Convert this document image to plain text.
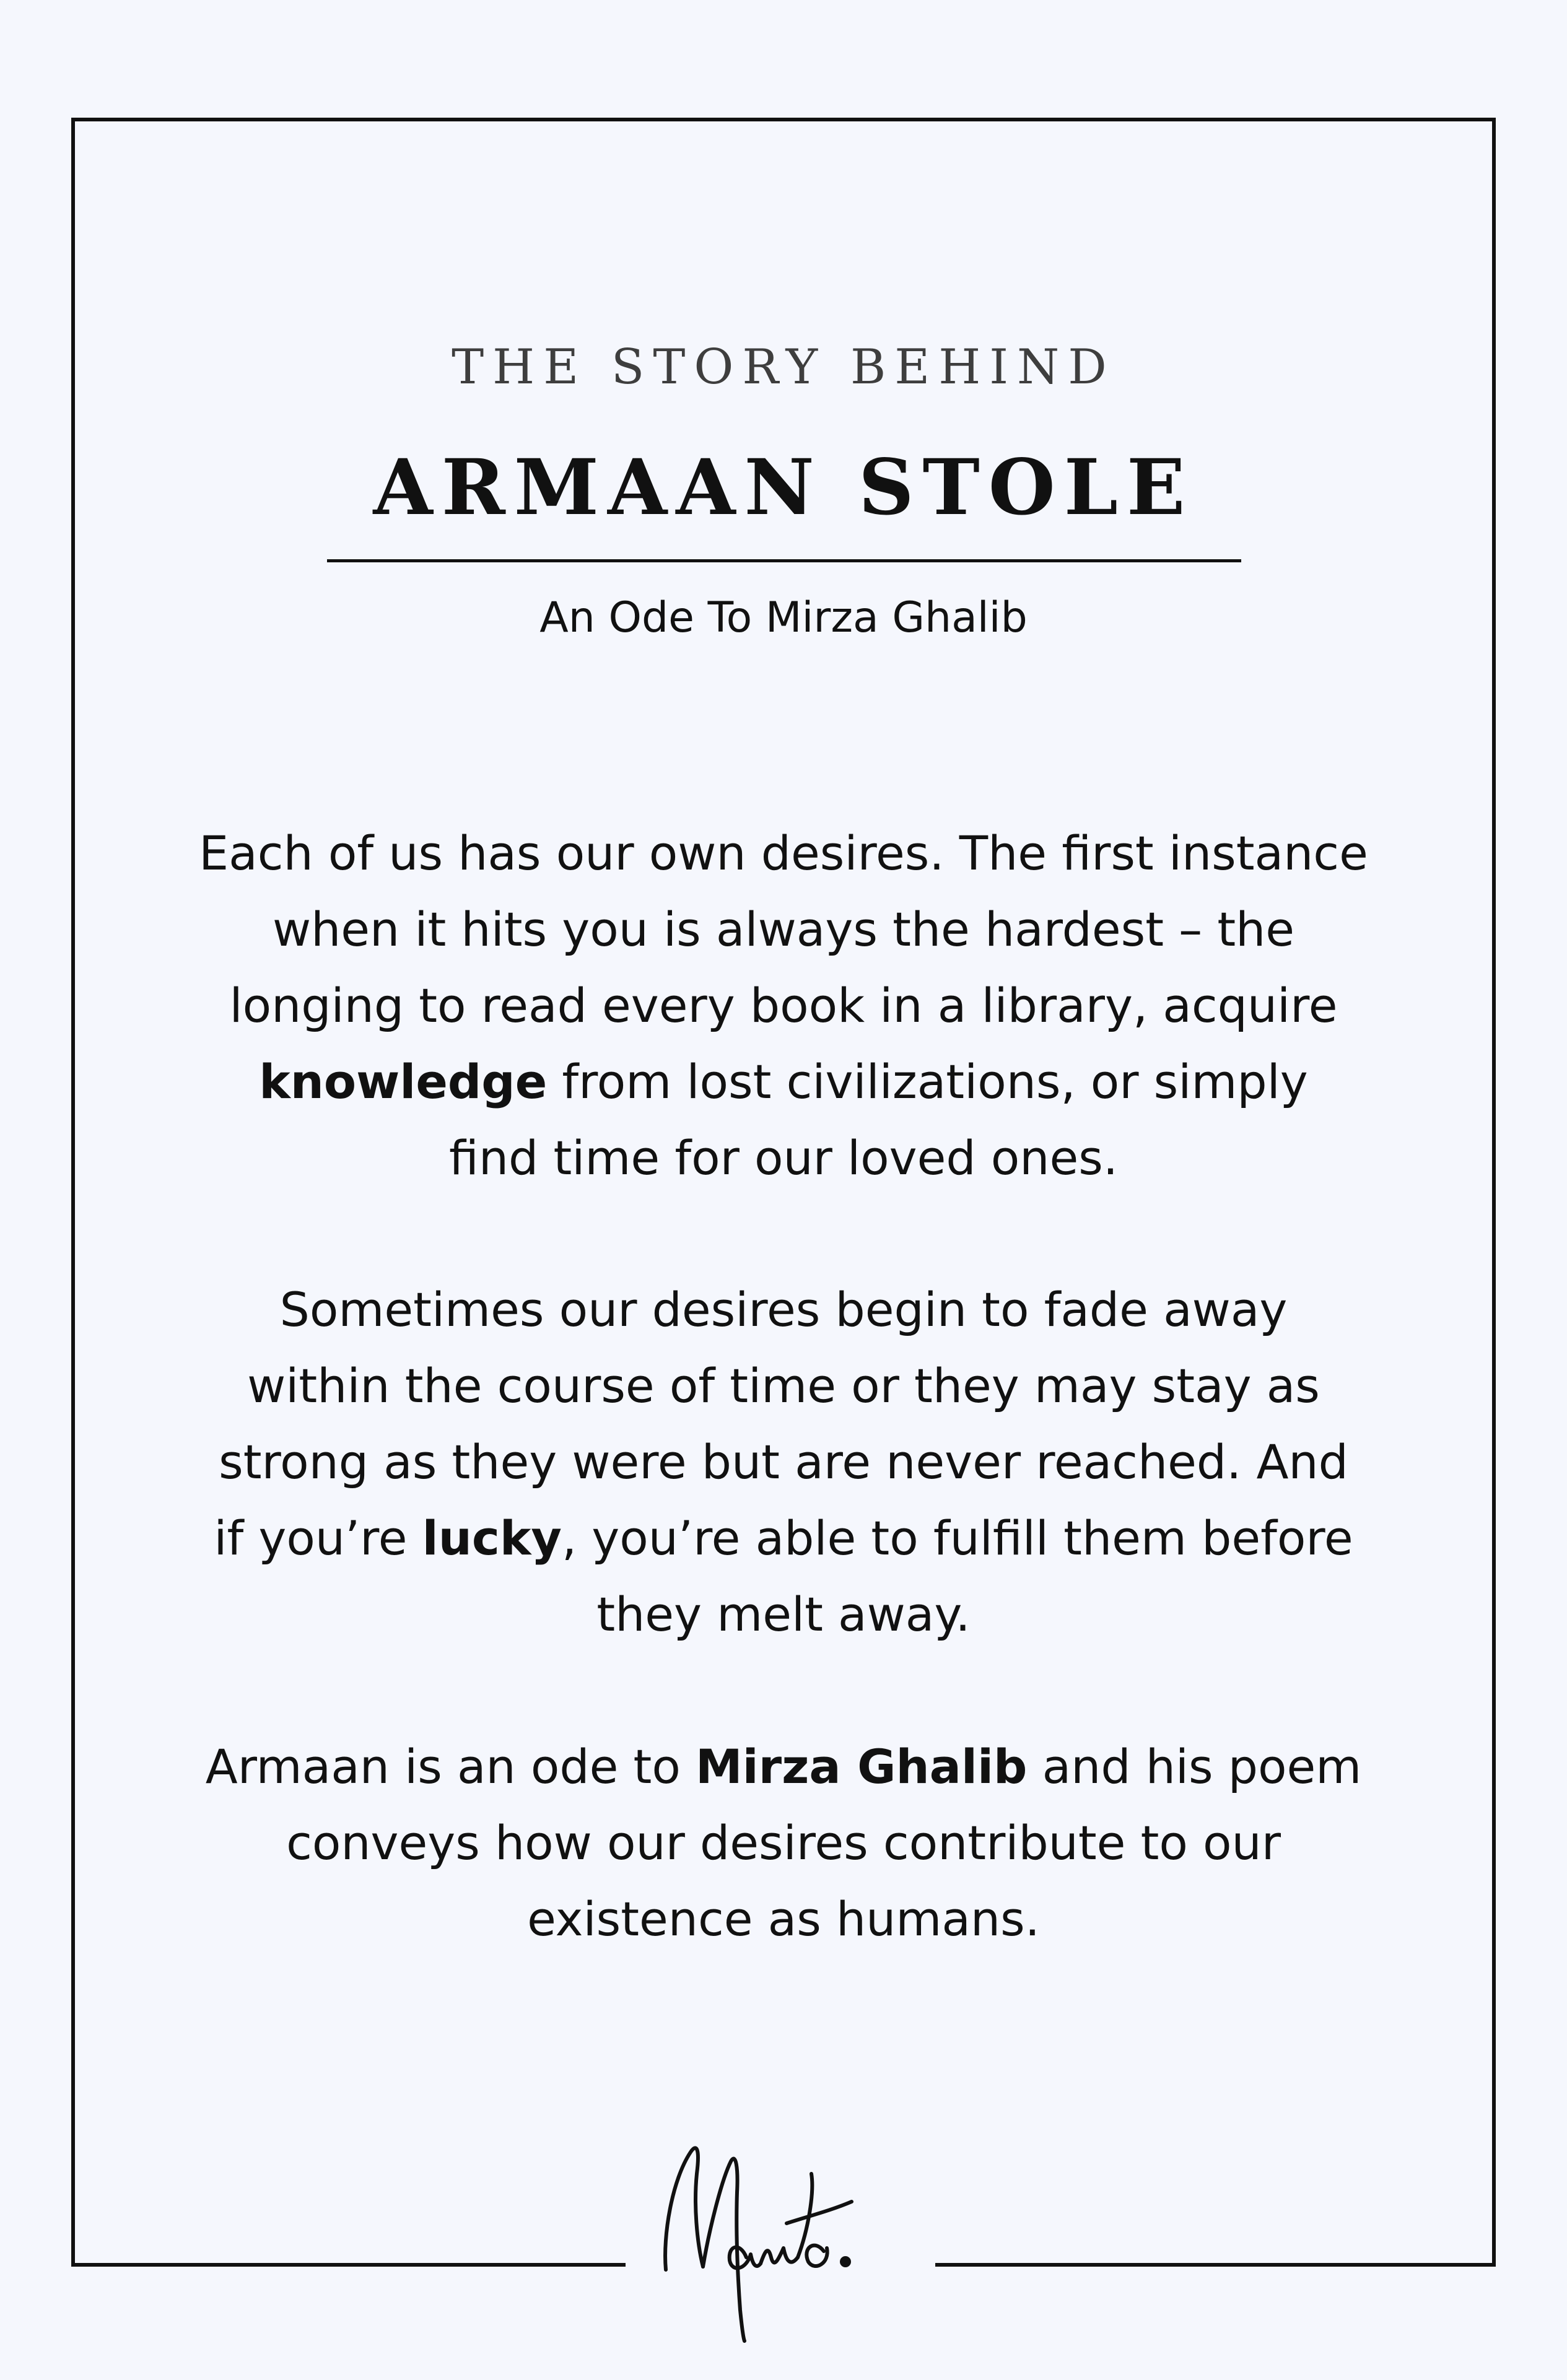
THE STORY BEHIND
ARMAAN STOLE
An Ode To Mirza Ghalib
Each of us has our own desires. The first instance
when it hits you is always the hardest – the
longing to read every book in a library, acquire
knowledge from lost civilizations, or simply
find time for our loved ones.
Sometimes our desires begin to fade away
within the course of time or they may stay as
strong as they were but are never reached. And
if you’re lucky, you’re able to fulfill them before
they melt away.
Armaan is an ode to Mirza Ghalib and his poem
conveys how our desires contribute to our
existence as humans.
